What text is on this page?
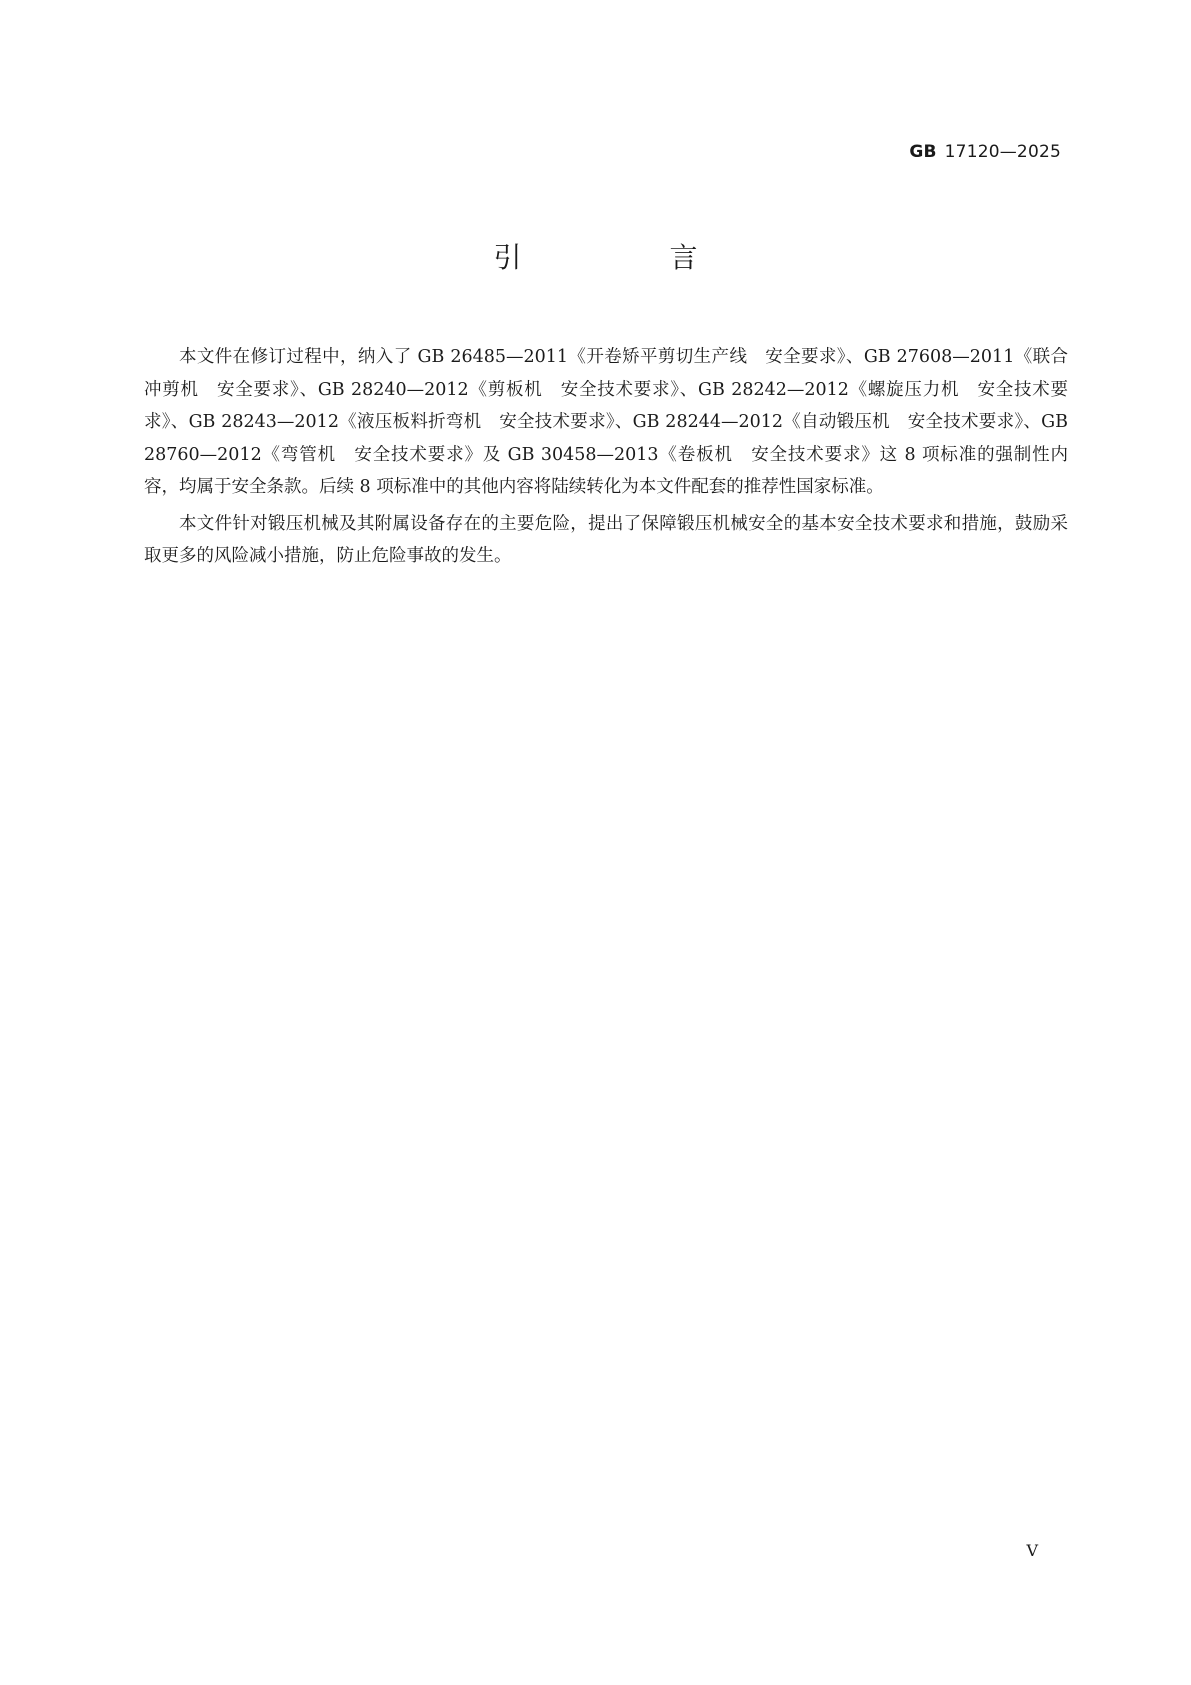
GB 17120—2025
引　言

本文件在修订过程中，纳入了 GB 26485—2011《开卷矫平剪切生产线　安全要求》、GB 27608—2011《联合冲剪机　安全要求》、GB 28240—2012《剪板机　安全技术要求》、GB 28242—2012《螺旋压力机　安全技术要求》、GB 28243—2012《液压板料折弯机　安全技术要求》、GB 28244—2012《自动锻压机　安全技术要求》、GB 28760—2012《弯管机　安全技术要求》及 GB 30458—2013《卷板机　安全技术要求》这 8 项标准的强制性内容，均属于安全条款。后续 8 项标准中的其他内容将陆续转化为本文件配套的推荐性国家标准。

本文件针对锻压机械及其附属设备存在的主要危险，提出了保障锻压机械安全的基本安全技术要求和措施，鼓励采取更多的风险减小措施，防止危险事故的发生。

V
